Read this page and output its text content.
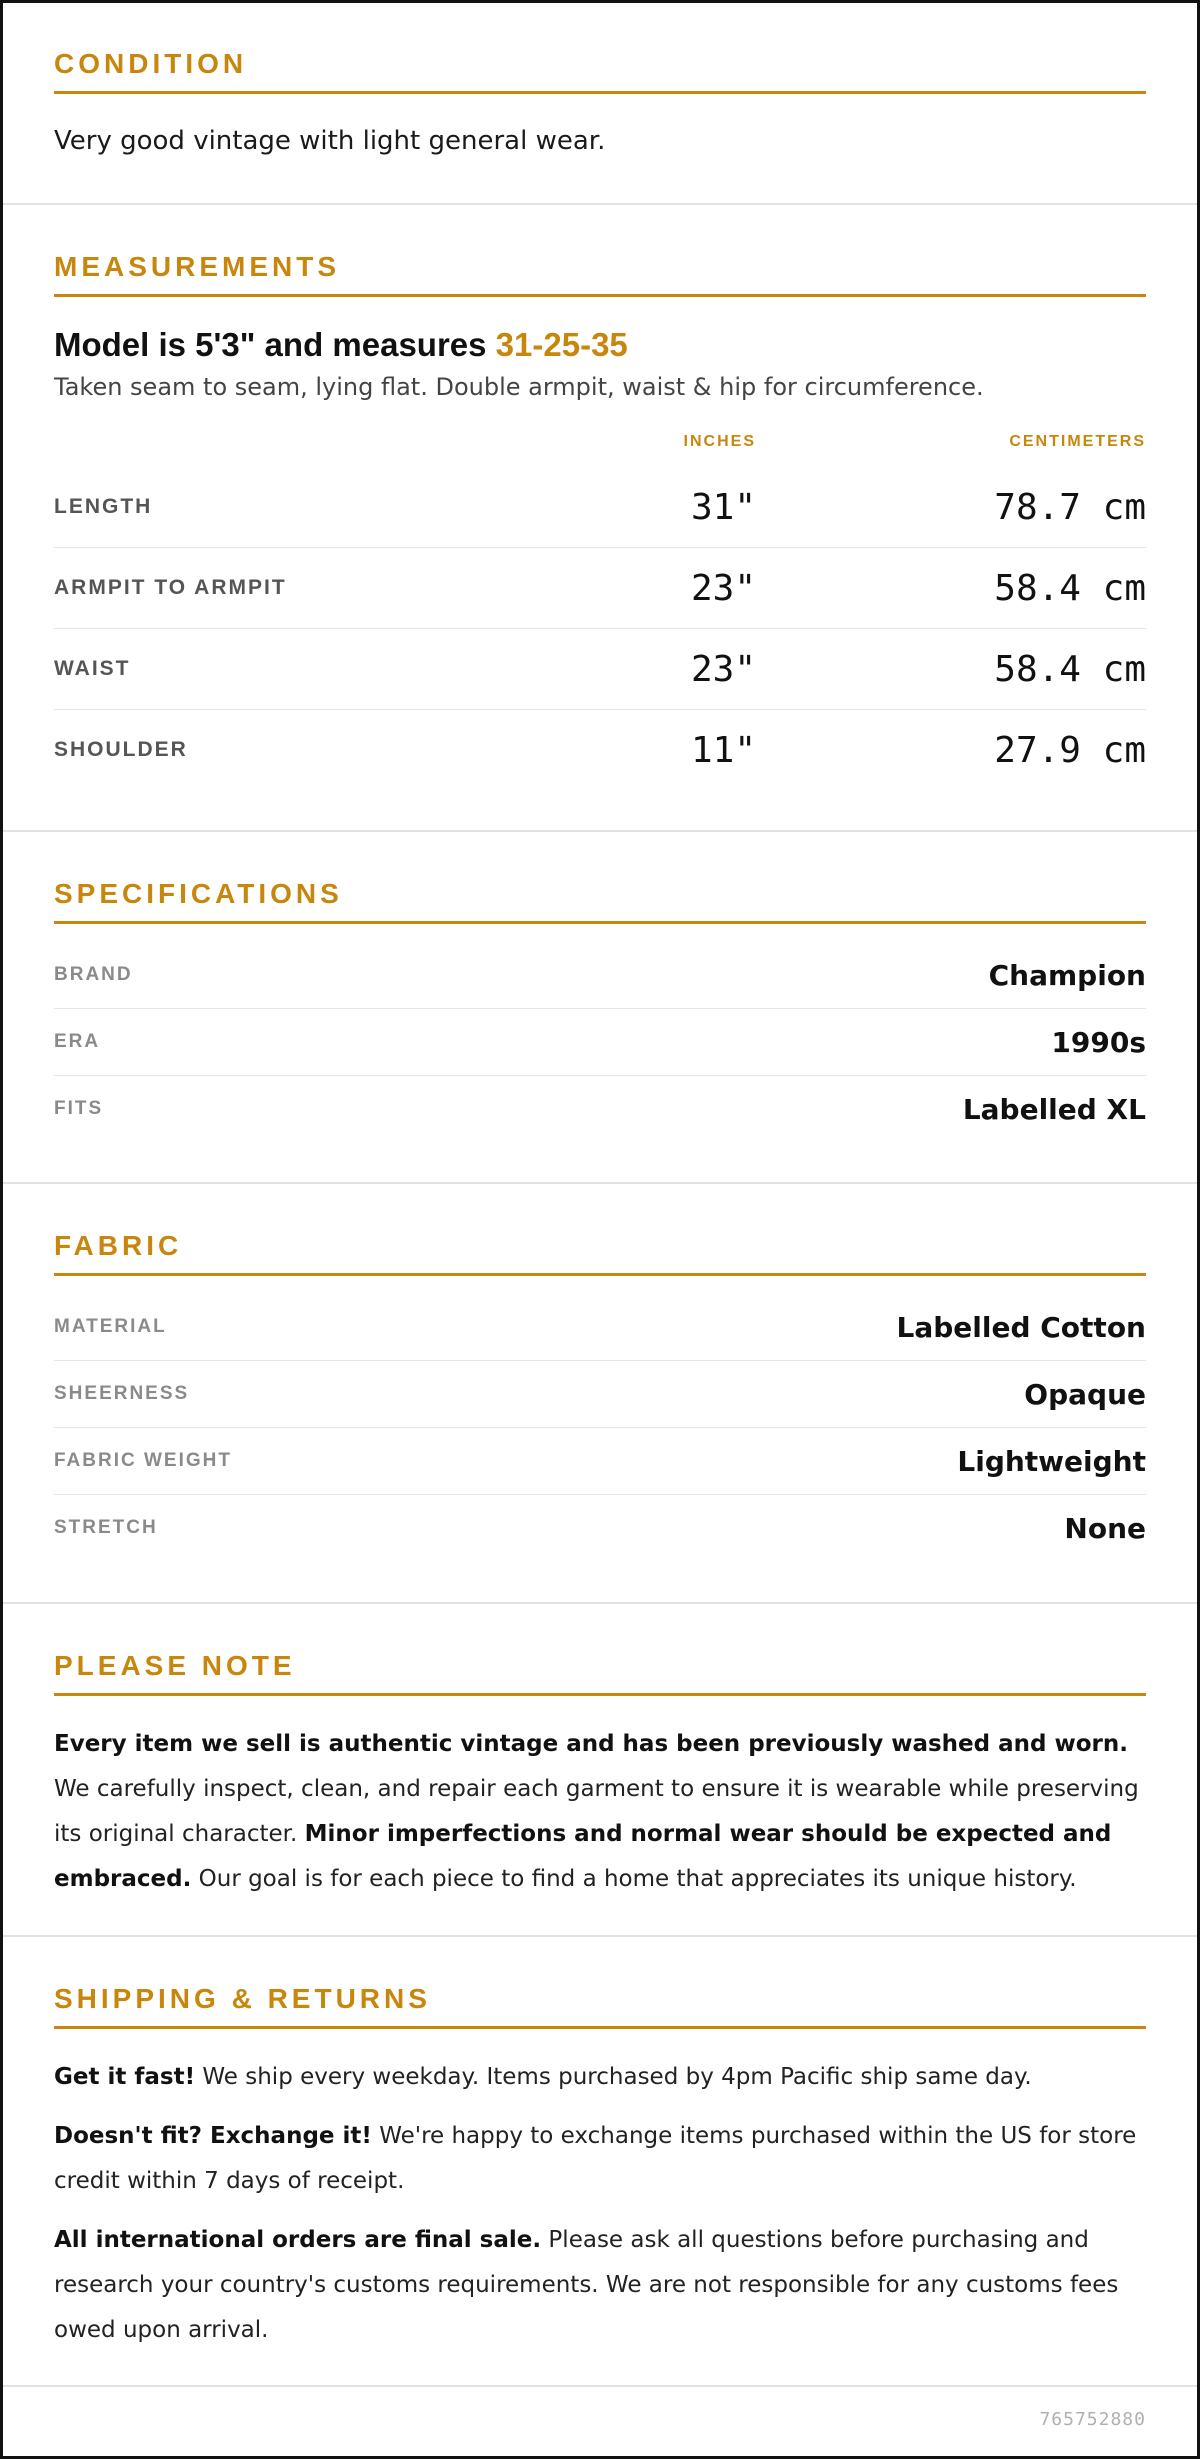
CONDITION
Very good vintage with light general wear.
MEASUREMENTS
Model is 5'3" and measures 31-25-35
Taken seam to seam, lying flat. Double armpit, waist & hip for circumference.
INCHES	CENTIMETERS
LENGTH	31"	78.7 cm
ARMPIT TO ARMPIT	23"	58.4 cm
WAIST	23"	58.4 cm
SHOULDER	11"	27.9 cm
SPECIFICATIONS
BRAND	Champion
ERA	1990s
FITS	Labelled XL
FABRIC
MATERIAL	Labelled Cotton
SHEERNESS	Opaque
FABRIC WEIGHT	Lightweight
STRETCH	None
PLEASE NOTE
Every item we sell is authentic vintage and has been previously washed and worn. We carefully inspect, clean, and repair each garment to ensure it is wearable while preserving its original character. Minor imperfections and normal wear should be expected and embraced. Our goal is for each piece to find a home that appreciates its unique history.
SHIPPING & RETURNS

Get it fast! We ship every weekday. Items purchased by 4pm Pacific ship same day.

Doesn't fit? Exchange it! We're happy to exchange items purchased within the US for store credit within 7 days of receipt.

All international orders are final sale. Please ask all questions before purchasing and research your country's customs requirements. We are not responsible for any customs fees owed upon arrival.

765752880
